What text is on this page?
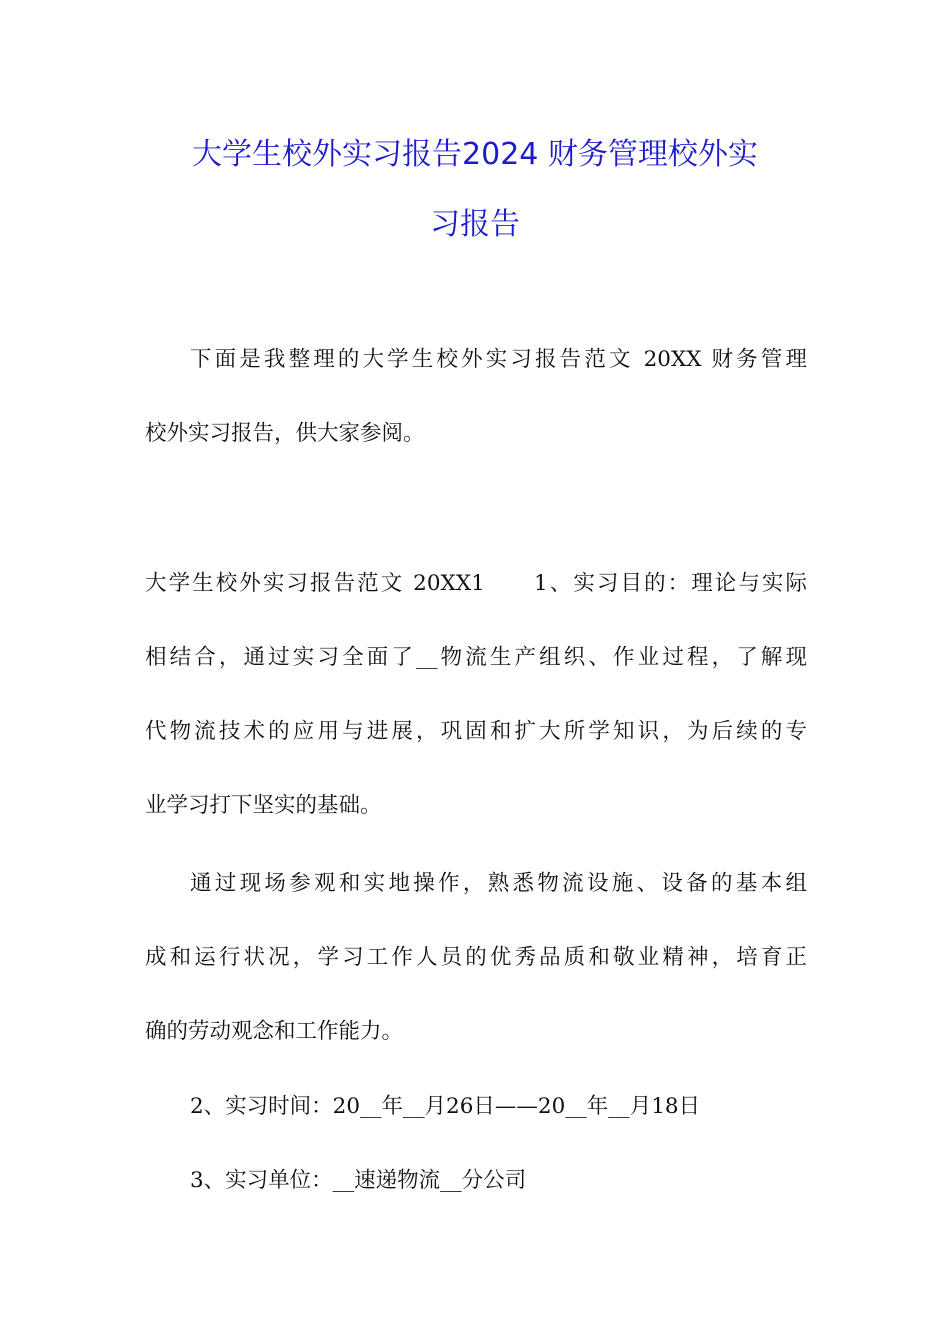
大学生校外实习报告2024 财务管理校外实
习报告
下面是我整理的大学生校外实习报告范文 20XX 财务管理
校外实习报告，供大家参阅。
大学生校外实习报告范文 20XX1　　1、实习目的：理论与实际
相结合，通过实习全面了__物流生产组织、作业过程，了解现
代物流技术的应用与进展，巩固和扩大所学知识，为后续的专
业学习打下坚实的基础。
通过现场参观和实地操作，熟悉物流设施、设备的基本组
成和运行状况，学习工作人员的优秀品质和敬业精神，培育正
确的劳动观念和工作能力。
2、实习时间：20__年__月26日——20__年__月18日
3、实习单位：__速递物流__分公司
